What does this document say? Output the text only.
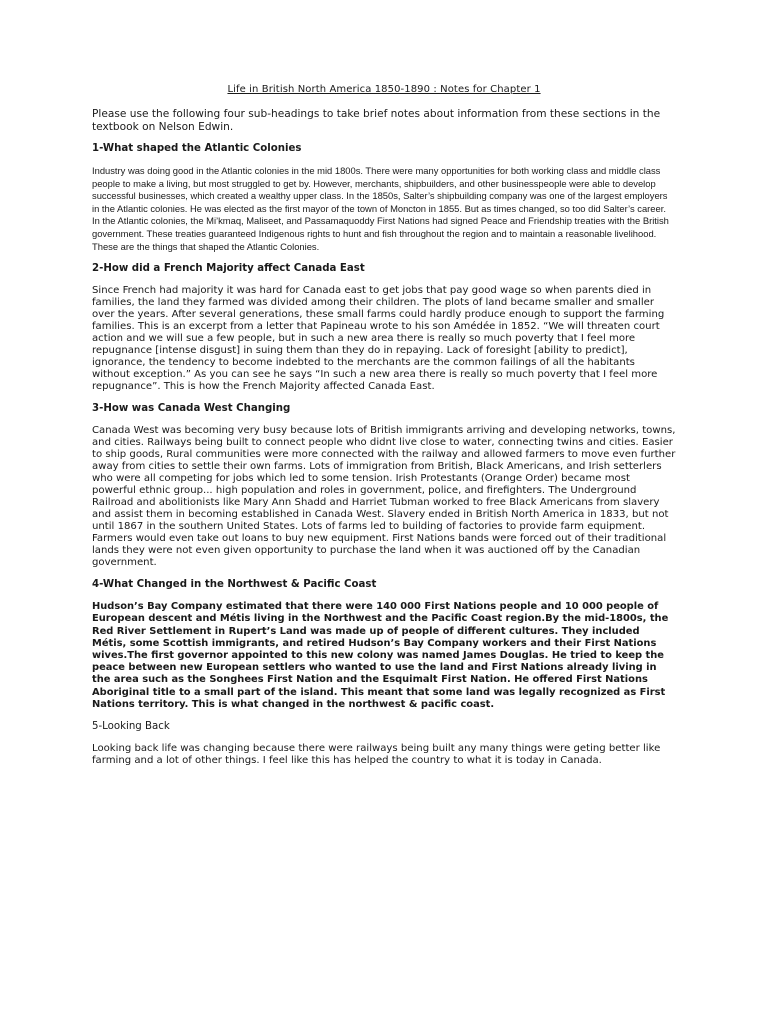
Life in British North America 1850-1890 : Notes for Chapter 1
Please use the following four sub-headings to take brief notes about information from these sections in the textbook on Nelson Edwin.
1-What shaped the Atlantic Colonies
Industry was doing good in the Atlantic colonies in the mid 1800s. There were many opportunities for both working class and middle class people to make a living, but most struggled to get by. However, merchants, shipbuilders, and other businesspeople were able to develop successful businesses, which created a wealthy upper class. In the 1850s, Salter’s shipbuilding company was one of the largest employers in the Atlantic colonies. He was elected as the first mayor of the town of Moncton in 1855. But as times changed, so too did Salter’s career. In the Atlantic colonies, the Mi’kmaq, Maliseet, and Passamaquoddy First Nations had signed Peace and Friendship treaties with the British government. These treaties guaranteed Indigenous rights to hunt and fish throughout the region and to maintain a reasonable livelihood. These are the things that shaped the Atlantic Colonies.
2-How did a French Majority affect Canada East
Since French had majority it was hard for Canada east to get jobs that pay good wage so when parents died in families, the land they farmed was divided among their children. The plots of land became smaller and smaller over the years. After several generations, these small farms could hardly produce enough to support the farming families. This is an excerpt from a letter that Papineau wrote to his son Amédée in 1852. “We will threaten court action and we will sue a few people, but in such a new area there is really so much poverty that I feel more repugnance [intense disgust] in suing them than they do in repaying. Lack of foresight [ability to predict], ignorance, the tendency to become indebted to the merchants are the common failings of all the habitants without exception.” As you can see he says “In such a new area there is really so much poverty that I feel more repugnance”. This is how the French Majority affected Canada East.
3-How was Canada West Changing
Canada West was becoming very busy because lots of British immigrants arriving and developing networks, towns, and cities. Railways being built to connect people who didnt live close to water, connecting twins and cities. Easier to ship goods, Rural communities were more connected with the railway and allowed farmers to move even further away from cities to settle their own farms. Lots of immigration from British, Black Americans, and Irish setterlers who were all competing for jobs which led to some tension. Irish Protestants (Orange Order) became most powerful ethnic group... high population and roles in government, police, and firefighters. The Underground Railroad and abolitionists like Mary Ann Shadd and Harriet Tubman worked to free Black Americans from slavery and assist them in becoming established in Canada West. Slavery ended in British North America in 1833, but not until 1867 in the southern United States. Lots of farms led to building of factories to provide farm equipment. Farmers would even take out loans to buy new equipment. First Nations bands were forced out of their traditional lands they were not even given opportunity to purchase the land when it was auctioned off by the Canadian government.
4-What Changed in the Northwest & Pacific Coast
Hudson’s Bay Company estimated that there were 140 000 First Nations people and 10 000 people of European descent and Métis living in the Northwest and the Pacific Coast region.By the mid-1800s, the Red River Settlement in Rupert’s Land was made up of people of different cultures. They included Métis, some Scottish immigrants, and retired Hudson’s Bay Company workers and their First Nations wives.The first governor appointed to this new colony was named James Douglas. He tried to keep the peace between new European settlers who wanted to use the land and First Nations already living in the area such as the Songhees First Nation and the Esquimalt First Nation. He offered First Nations Aboriginal title to a small part of the island. This meant that some land was legally recognized as First Nations territory. This is what changed in the northwest & pacific coast.
5-Looking Back
Looking back life was changing because there were railways being built any many things were geting better like farming and a lot of other things. I feel like this has helped the country to what it is today in Canada.
